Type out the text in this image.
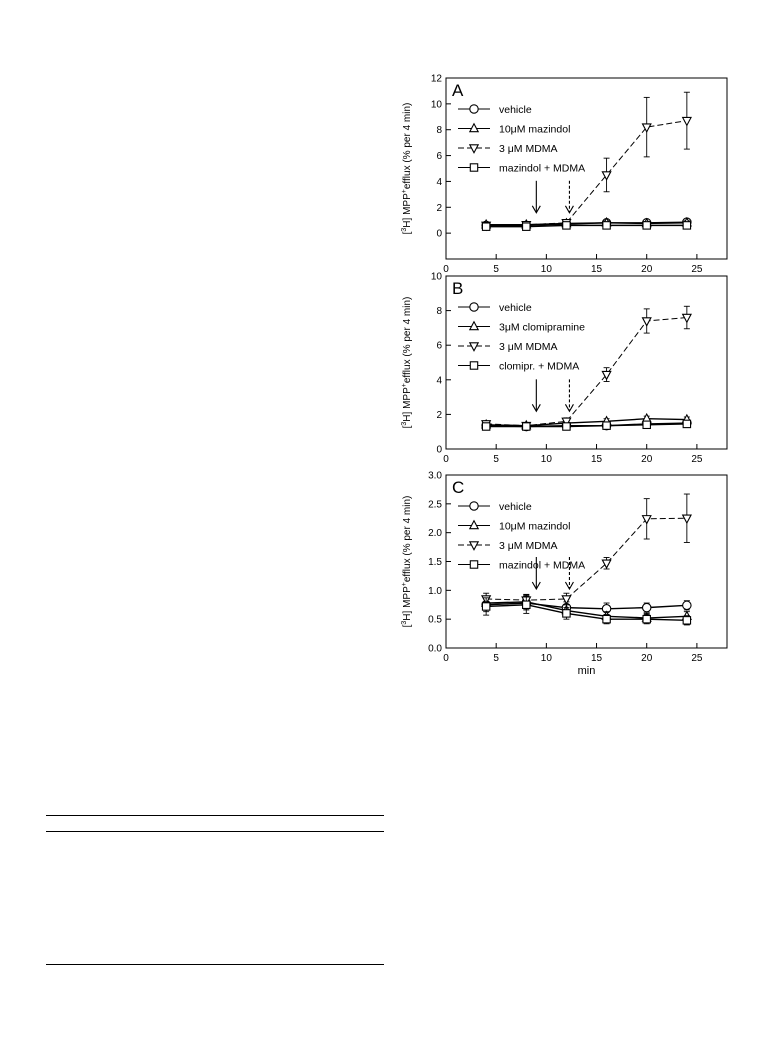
0
2
4
6
8
10
12
0	5	10	15	20	25
A
[$^3$H] MPP+efflux (% per 4 min)	vehicle
10μM mazindol
3 μM MDMA
mazindol + MDMA
0
2
4
6
8
10
0	5	10	15	20	25
B
[$^3$H] MPP+efflux (% per 4 min)	vehicle
3μM clomipramine
3 μM MDMA
clomipr. + MDMA
0.0
0.5
1.0
1.5
2.0
2.5
3.0
0	5	10	15	20	25
C
[$^3$H] MPP+efflux (% per 4 min)	vehicle
10μM mazindol
3 μM MDMA
mazindol + MDMA
min
